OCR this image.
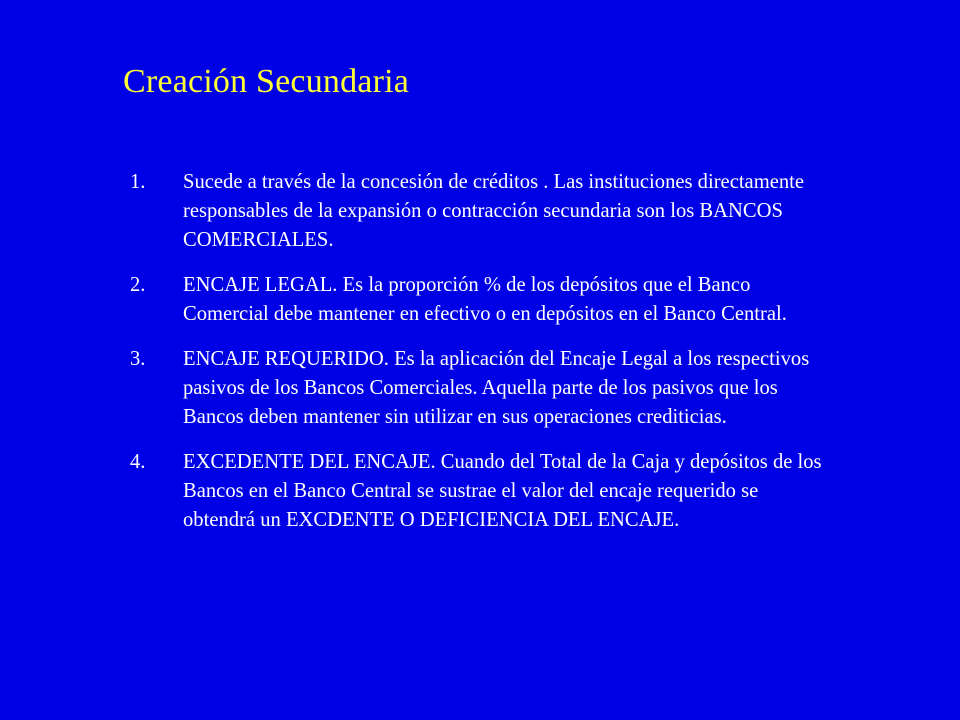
Creación Secundaria
1. Sucede a través de la concesión de créditos . Las instituciones directamente responsables de la expansión o contracción secundaria son los BANCOS COMERCIALES.
2. ENCAJE LEGAL. Es la proporción % de los depósitos que el Banco Comercial debe mantener en efectivo o en depósitos en el Banco Central.
3. ENCAJE REQUERIDO. Es la aplicación del Encaje Legal a los respectivos pasivos de los Bancos Comerciales. Aquella parte de los pasivos que los Bancos deben mantener sin utilizar en sus operaciones crediticias.
4. EXCEDENTE DEL ENCAJE. Cuando del Total de la Caja y depósitos de los Bancos en el Banco Central se sustrae el valor del encaje requerido se obtendrá un EXCDENTE O DEFICIENCIA DEL ENCAJE.
